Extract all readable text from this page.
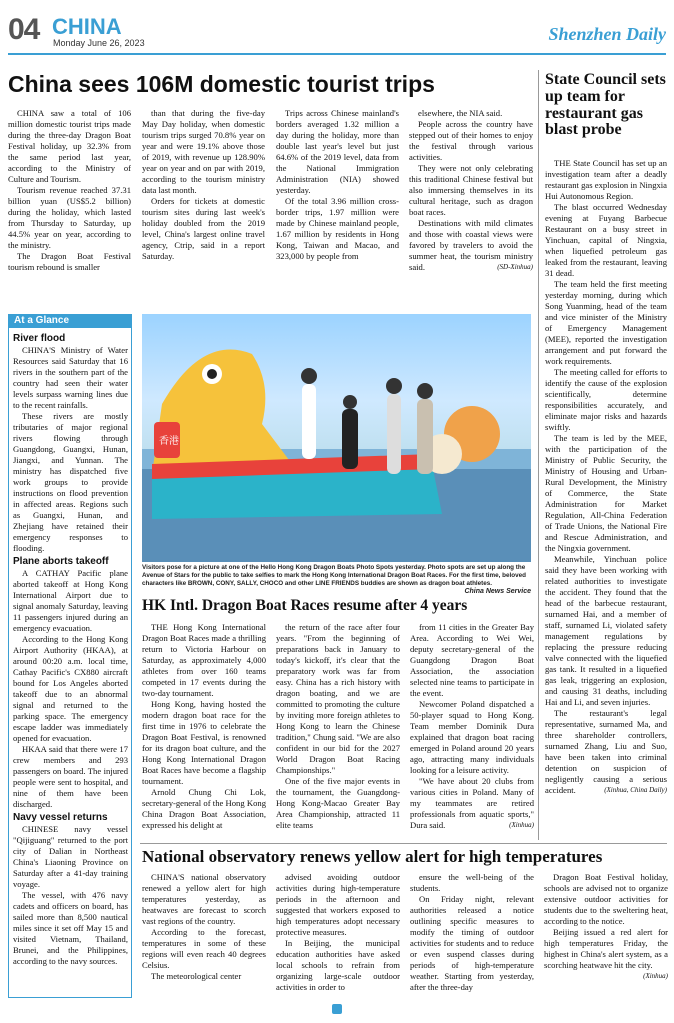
04 CHINA
Monday June 26, 2023	Shenzhen Daily
China sees 106M domestic tourist trips

CHINA saw a total of 106 million domestic tourist trips made during the three-day Dragon Boat Festival holiday, up 32.3% from the same period last year, according to the Ministry of Culture and Tourism.

Tourism revenue reached 37.31 billion yuan (US$5.2 billion) during the holiday, which lasted from Thursday to Saturday, up 44.5% year on year, according to the ministry.

The Dragon Boat Festival tourism rebound is smaller

than that during the five-day May Day holiday, when domestic tourism trips surged 70.8% year on year and were 19.1% above those of 2019, with revenue up 128.90% year on year and on par with 2019, according to the tourism ministry data last month.

Orders for tickets at domestic tourism sites during last week's holiday doubled from the 2019 level, China's largest online travel agency, Ctrip, said in a report Saturday.

Trips across Chinese mainland's borders averaged 1.32 million a day during the holiday, more than double last year's level but just 64.6% of the 2019 level, data from the National Immigration Administration (NIA) showed yesterday.

Of the total 3.96 million cross-border trips, 1.97 million were made by Chinese mainland people, 1.67 million by residents in Hong Kong, Taiwan and Macao, and 323,000 by people from

elsewhere, the NIA said.

People across the country have stepped out of their homes to enjoy the festival through various activities.

They were not only celebrating this traditional Chinese festival but also immersing themselves in its cultural heritage, such as dragon boat races.

Destinations with mild climates and those with coastal views were favored by travelers to avoid the summer heat, the tourism ministry said.	(SD-Xinhua)

State Council sets up team for restaurant gas blast probe

THE State Council has set up an investigation team after a deadly restaurant gas explosion in Ningxia Hui Autonomous Region.

The blast occurred Wednesday evening at Fuyang Barbecue Restaurant on a busy street in Yinchuan, capital of Ningxia, when liquefied petroleum gas leaked from the restaurant, leaving 31 dead.

The team held the first meeting yesterday morning, during which Song Yuanming, head of the team and vice minister of the Ministry of Emergency Management (MEE), reported the investigation arrangement and put forward the work requirements.

The meeting called for efforts to identify the cause of the explosion scientifically, determine responsibilities accurately, and eliminate major risks and hazards swiftly.

The team is led by the MEE, with the participation of the Ministry of Public Security, the Ministry of Housing and Urban-Rural Development, the Ministry of Commerce, the State Administration for Market Regulation, All-China Federation of Trade Unions, the National Fire and Rescue Administration, and the Ningxia government.

Meanwhile, Yinchuan police said they have been working with related authorities to investigate the accident. They found that the head of the barbecue restaurant, surnamed Hai, and a member of staff, surnamed Li, violated safety management regulations by replacing the pressure reducing valve connected with the liquefied gas tank. It resulted in a liquefied gas leak, triggering an explosion, and causing 31 deaths, including Hai and Li, and seven injuries.

The restaurant's legal representative, surnamed Ma, and three shareholder controllers, surnamed Zhang, Liu and Suo, have been taken into criminal detention on suspicion of negligently causing a serious accident.	(Xinhua, China Daily)

At a Glance
River flood

CHINA'S Ministry of Water Resources said Saturday that 16 rivers in the southern part of the country had seen their water levels surpass warning lines due to the recent rainfalls.

These rivers are mostly tributaries of major regional rivers flowing through Guangdong, Guangxi, Hunan, Jiangxi, and Yunnan. The ministry has dispatched five work groups to provide instructions on flood prevention in affected areas. Regions such as Guangxi, Hunan, and Zhejiang have retained their emergency responses to flooding.

Plane aborts takeoff

A CATHAY Pacific plane aborted takeoff at Hong Kong International Airport due to signal anomaly Saturday, leaving 11 passengers injured during an emergency evacuation.

According to the Hong Kong Airport Authority (HKAA), at around 00:20 a.m. local time, Cathay Pacific's CX880 aircraft bound for Los Angeles aborted takeoff due to an abnormal signal and returned to the parking space. The emergency escape ladder was immediately opened for evacuation.

HKAA said that there were 17 crew members and 293 passengers on board. The injured people were sent to hospital, and nine of them have been discharged.

Navy vessel returns

CHINESE navy vessel "Qijiguang" returned to the port city of Dalian in Northeast China's Liaoning Province on Saturday after a 41-day training voyage.

The vessel, with 476 navy cadets and officers on board, has sailed more than 8,500 nautical miles since it set off May 15 and visited Vietnam, Thailand, Brunei, and the Philippines, according to the navy sources.

香港
Visitors pose for a picture at one of the Hello Hong Kong Dragon Boats Photo Spots yesterday. Photo spots are set up along the Avenue of Stars for the public to take selfies to mark the Hong Kong International Dragon Boat Races. For the first time, beloved characters like BROWN, CONY, SALLY, CHOCO and other LINE FRIENDS buddies are shown as dragon boat athletes.
China News Service
HK Intl. Dragon Boat Races resume after 4 years

THE Hong Kong International Dragon Boat Races made a thrilling return to Victoria Harbour on Saturday, as approximately 4,000 athletes from over 160 teams competed in 17 events during the two-day tournament.

Hong Kong, having hosted the modern dragon boat race for the first time in 1976 to celebrate the Dragon Boat Festival, is renowned for its dragon boat culture, and the Hong Kong International Dragon Boat Races have become a flagship tournament.

Arnold Chung Chi Lok, secretary-general of the Hong Kong China Dragon Boat Association, expressed his delight at

the return of the race after four years. "From the beginning of preparations back in January to today's kickoff, it's clear that the preparatory work was far from easy. China has a rich history with dragon boating, and we are committed to promoting the culture by inviting more foreign athletes to Hong Kong to learn the Chinese tradition," Chung said. "We are also confident in our bid for the 2027 World Dragon Boat Racing Championships."

One of the five major events in the tournament, the Guangdong-Hong Kong-Macao Greater Bay Area Championship, attracted 11 elite teams

from 11 cities in the Greater Bay Area. According to Wei Wei, deputy secretary-general of the Guangdong Dragon Boat Association, the association selected nine teams to participate in the event.

Newcomer Poland dispatched a 50-player squad to Hong Kong. Team member Dominik Dura explained that dragon boat racing emerged in Poland around 20 years ago, attracting many individuals looking for a leisure activity.

"We have about 20 clubs from various cities in Poland. Many of my teammates are retired professionals from aquatic sports," Dura said.	(Xinhua)

National observatory renews yellow alert for high temperatures

CHINA'S national observatory renewed a yellow alert for high temperatures yesterday, as heatwaves are forecast to scorch vast regions of the country.

According to the forecast, temperatures in some of these regions will even reach 40 degrees Celsius.

The meteorological center

advised avoiding outdoor activities during high-temperature periods in the afternoon and suggested that workers exposed to high temperatures adopt necessary protective measures.

In Beijing, the municipal education authorities have asked local schools to refrain from organizing large-scale outdoor activities in order to

ensure the well-being of the students.

On Friday night, relevant authorities released a notice outlining specific measures to modify the timing of outdoor activities for students and to reduce or even suspend classes during periods of high-temperature weather. Starting from yesterday, after the three-day

Dragon Boat Festival holiday, schools are advised not to organize extensive outdoor activities for students due to the sweltering heat, according to the notice.

Beijing issued a red alert for high temperatures Friday, the highest in China's alert system, as a scorching heatwave hit the city.
(Xinhua)
